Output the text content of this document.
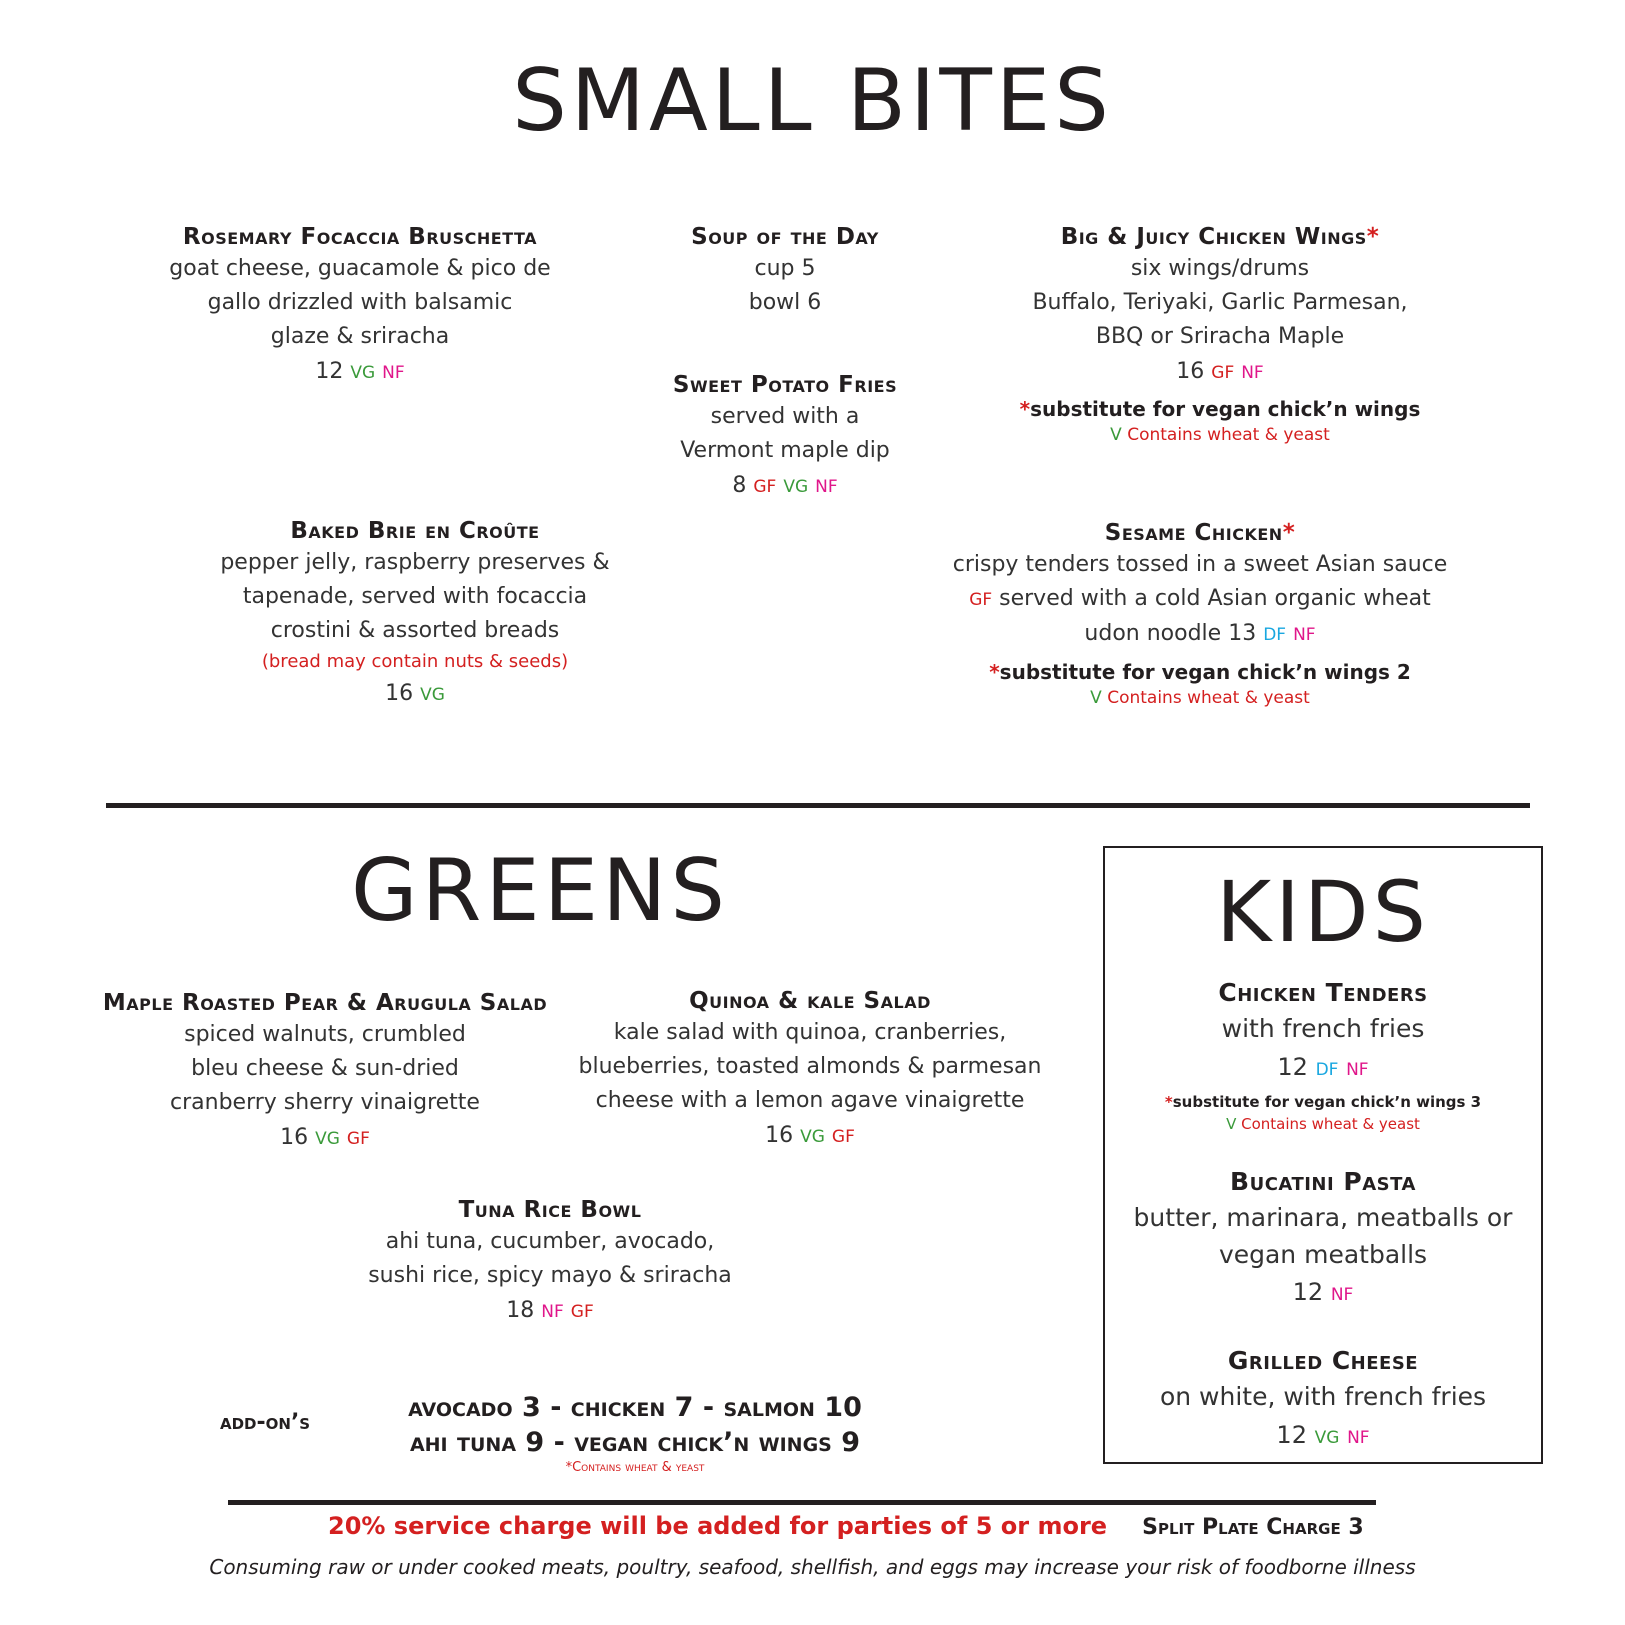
SMALL BITES
Rosemary Focaccia Bruschetta
goat cheese, guacamole & pico de
gallo drizzled with balsamic
glaze & sriracha
12 VG NF
Soup of the Day
cup 5
bowl 6
Sweet Potato Fries
served with a
Vermont maple dip
8 GF VG NF
Big & Juicy Chicken Wings*
six wings/drums
Buffalo, Teriyaki, Garlic Parmesan,
BBQ or Sriracha Maple
16 GF NF
*substitute for vegan chick’n wings
V Contains wheat & yeast
Baked Brie en Croûte
pepper jelly, raspberry preserves &
tapenade, served with focaccia
crostini & assorted breads
(bread may contain nuts & seeds)
16 VG
Sesame Chicken*
crispy tenders tossed in a sweet Asian sauce
GF served with a cold Asian organic wheat
udon noodle 13 DF NF
*substitute for vegan chick’n wings 2
V Contains wheat & yeast
GREENS
Maple Roasted Pear & Arugula Salad
spiced walnuts, crumbled
bleu cheese & sun-dried
cranberry sherry vinaigrette
16 VG GF
Quinoa & kale Salad
kale salad with quinoa, cranberries,
blueberries, toasted almonds & parmesan
cheese with a lemon agave vinaigrette
16 VG GF
Tuna Rice Bowl
ahi tuna, cucumber, avocado,
sushi rice, spicy mayo & sriracha
18 NF GF
add-on’s	avocado 3 - chicken 7 - salmon 10
ahi tuna 9 - vegan chick’n wings 9
*Contains wheat & yeast
KIDS
Chicken Tenders
with french fries
12 DF NF
*substitute for vegan chick’n wings 3
V Contains wheat & yeast
Bucatini Pasta
butter, marinara, meatballs or
vegan meatballs
12 NF
Grilled Cheese
on white, with french fries
12 VG NF
20% service charge will be added for parties of 5 or more Split Plate Charge 3
Consuming raw or under cooked meats, poultry, seafood, shellfish, and eggs may increase your risk of foodborne illness
